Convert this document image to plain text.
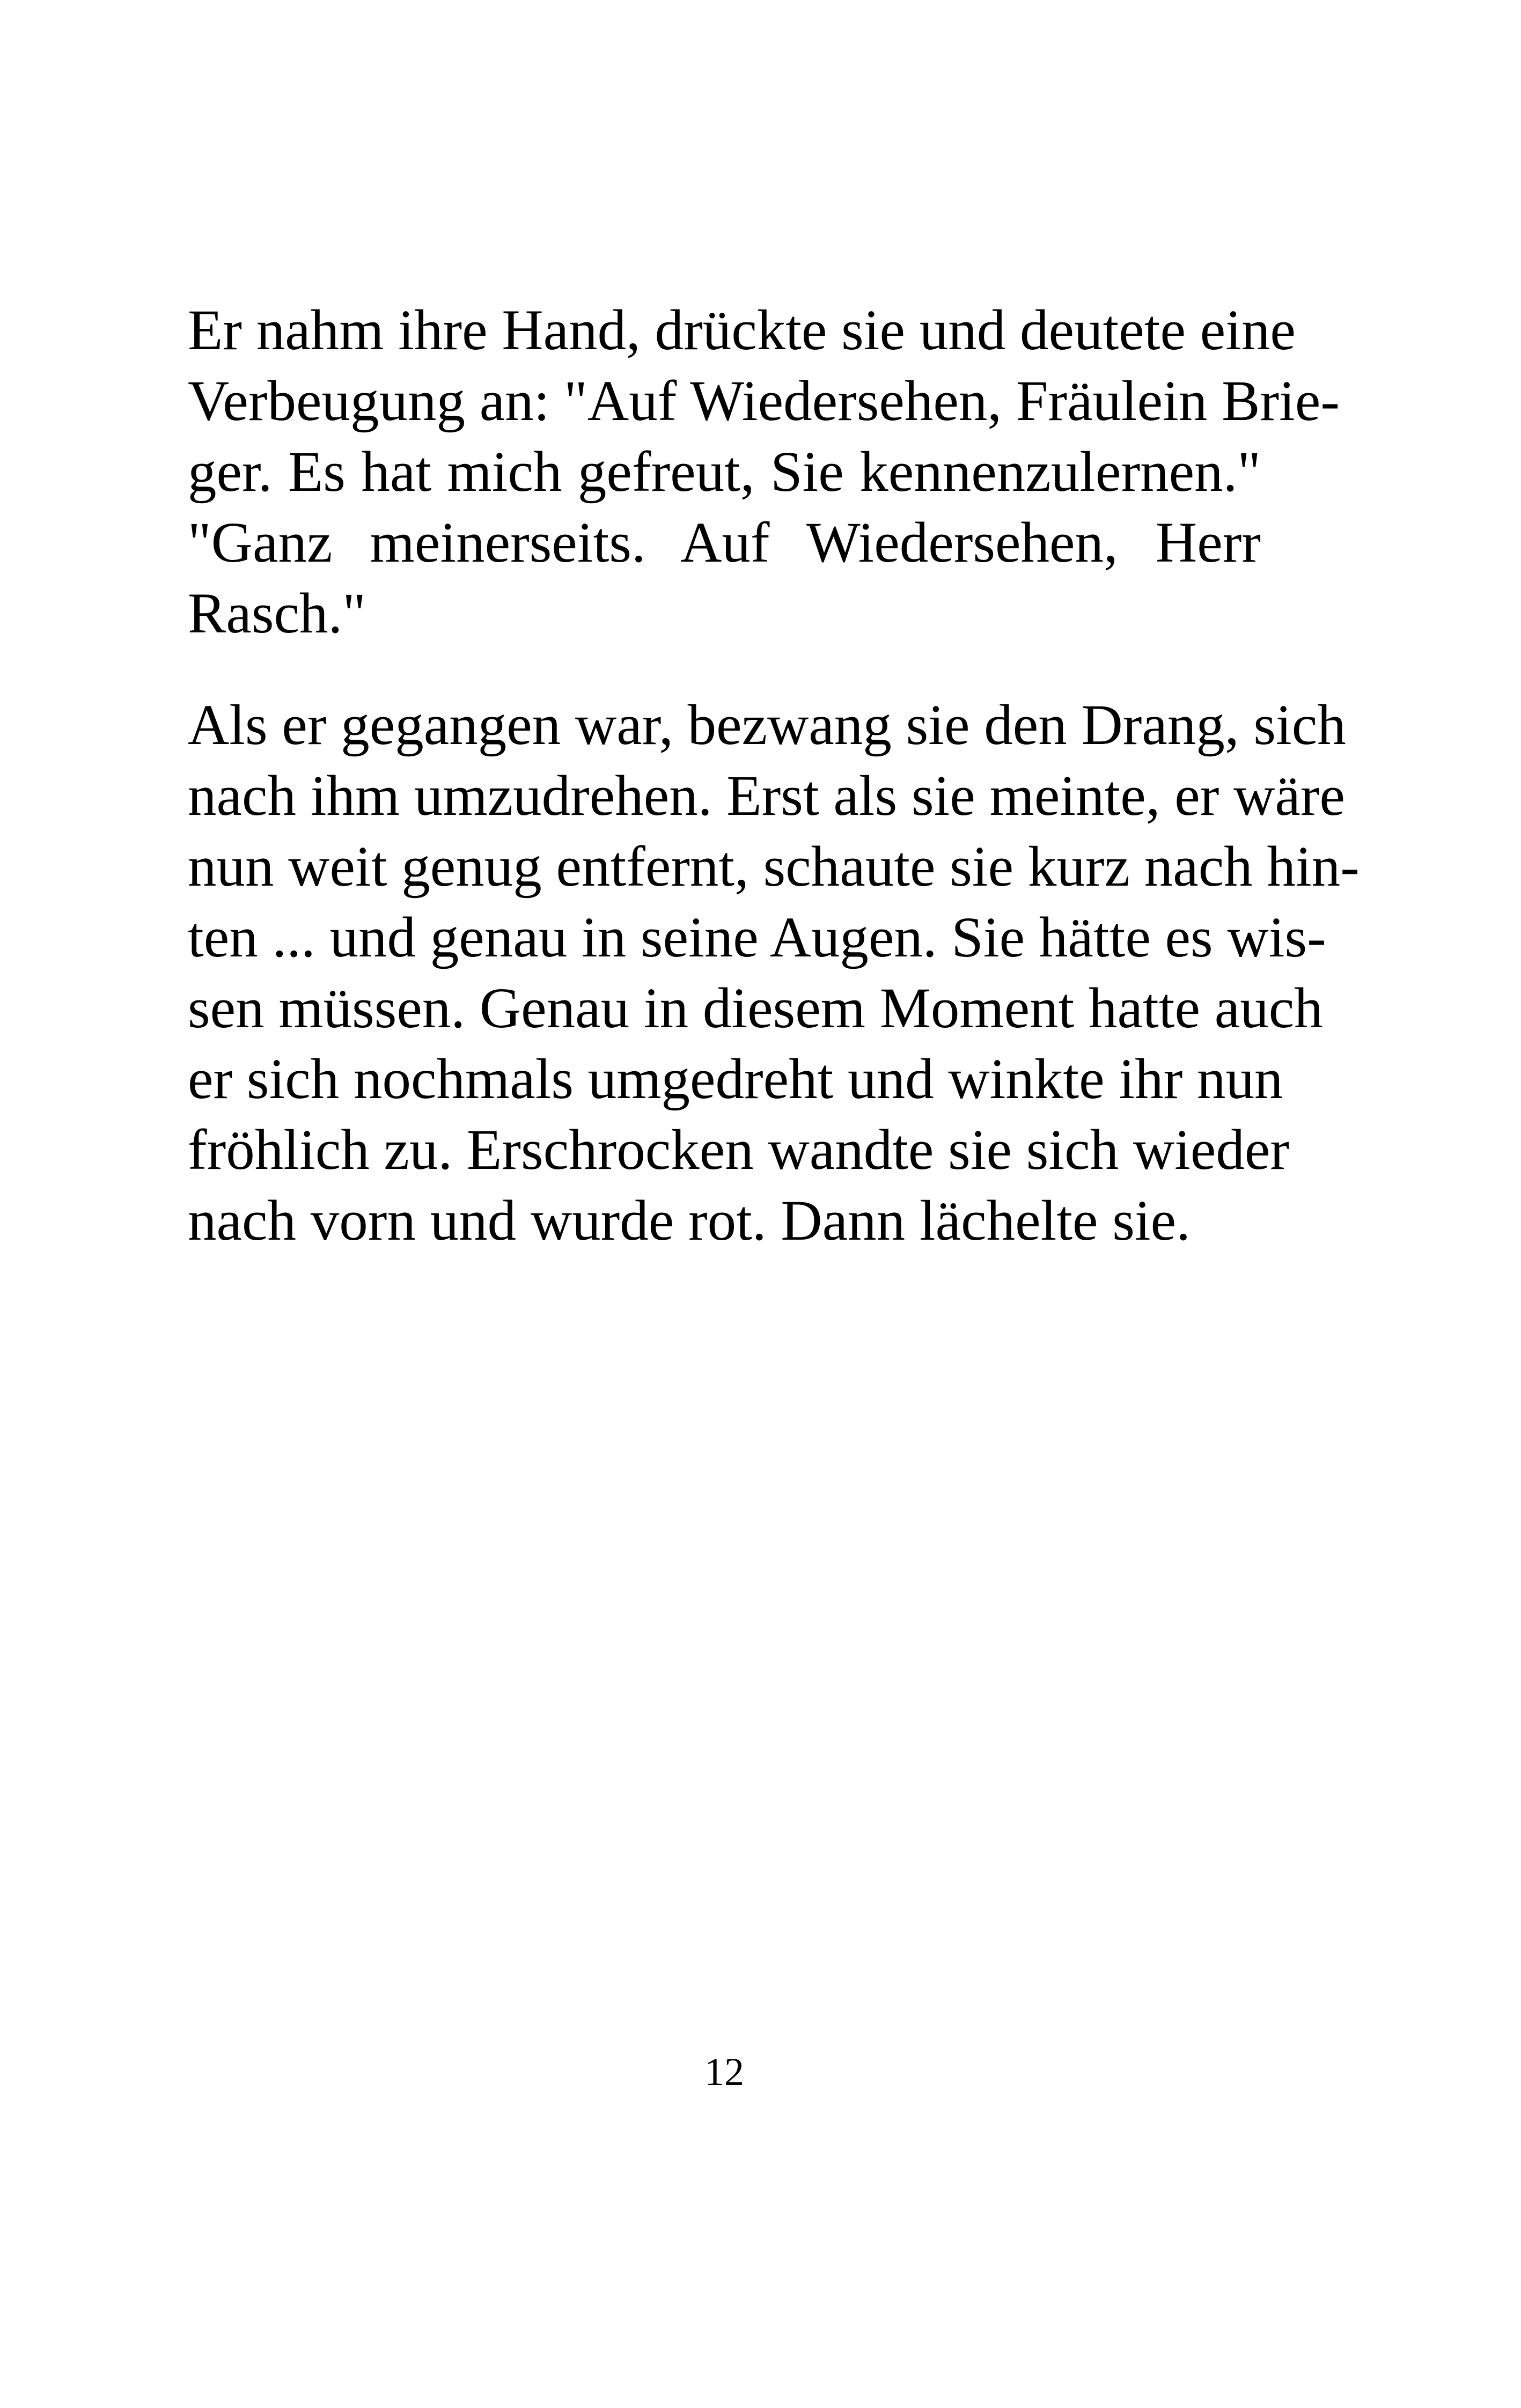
Er nahm ihre Hand, drückte sie und deutete eine
Verbeugung an: "Auf Wiedersehen, Fräulein Brie-
ger. Es hat mich gefreut, Sie kennenzulernen."
"Ganz meinerseits. Auf Wiedersehen, Herr
Rasch."

Als er gegangen war, bezwang sie den Drang, sich
nach ihm umzudrehen. Erst als sie meinte, er wäre
nun weit genug entfernt, schaute sie kurz nach hin-
ten ... und genau in seine Augen. Sie hätte es wis-
sen müssen. Genau in diesem Moment hatte auch
er sich nochmals umgedreht und winkte ihr nun
fröhlich zu. Erschrocken wandte sie sich wieder
nach vorn und wurde rot. Dann lächelte sie.

12
